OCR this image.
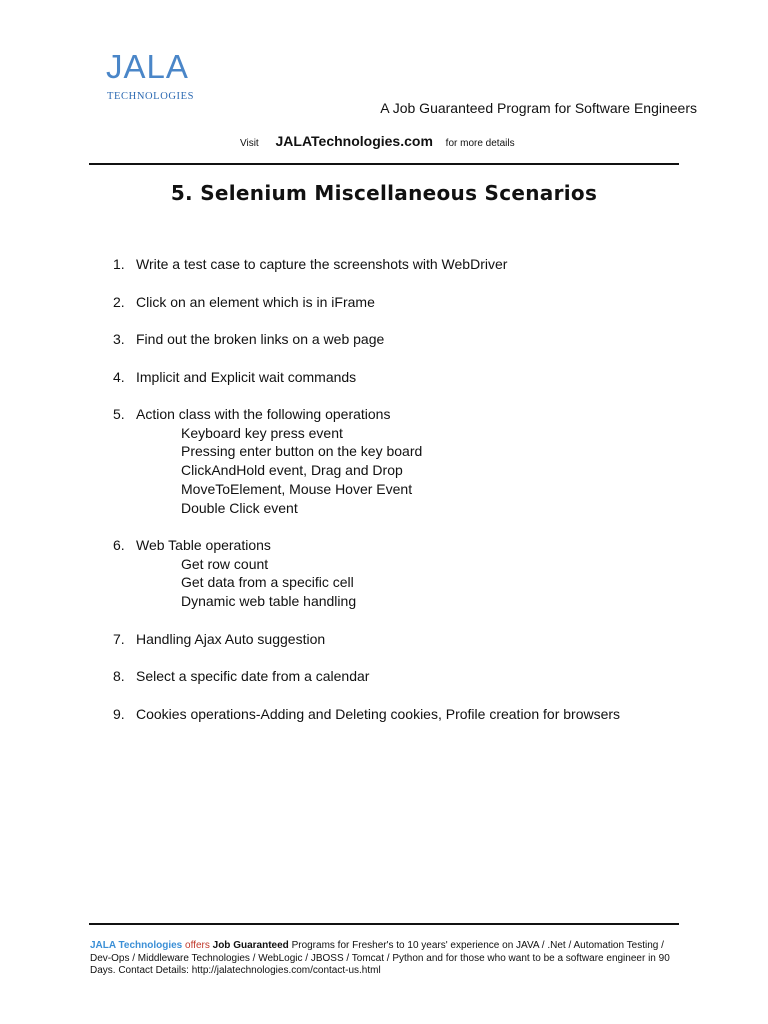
JALA
TECHNOLOGIES
A Job Guaranteed Program for Software Engineers
Visit JALATechnologies.com for more details
5. Selenium Miscellaneous Scenarios
1. Write a test case to capture the screenshots with WebDriver
2. Click on an element which is in iFrame
3. Find out the broken links on a web page
4. Implicit and Explicit wait commands
5. Action class with the following operations
Keyboard key press event
Pressing enter button on the key board
ClickAndHold event, Drag and Drop
MoveToElement, Mouse Hover Event
Double Click event
6. Web Table operations
Get row count
Get data from a specific cell
Dynamic web table handling
7. Handling Ajax Auto suggestion
8. Select a specific date from a calendar
9. Cookies operations-Adding and Deleting cookies, Profile creation for browsers
JALA Technologies offers Job Guaranteed Programs for Fresher's to 10 years' experience on JAVA / .Net / Automation Testing /
Dev-Ops / Middleware Technologies / WebLogic / JBOSS / Tomcat / Python and for those who want to be a software engineer in 90
Days. Contact Details: http://jalatechnologies.com/contact-us.html
